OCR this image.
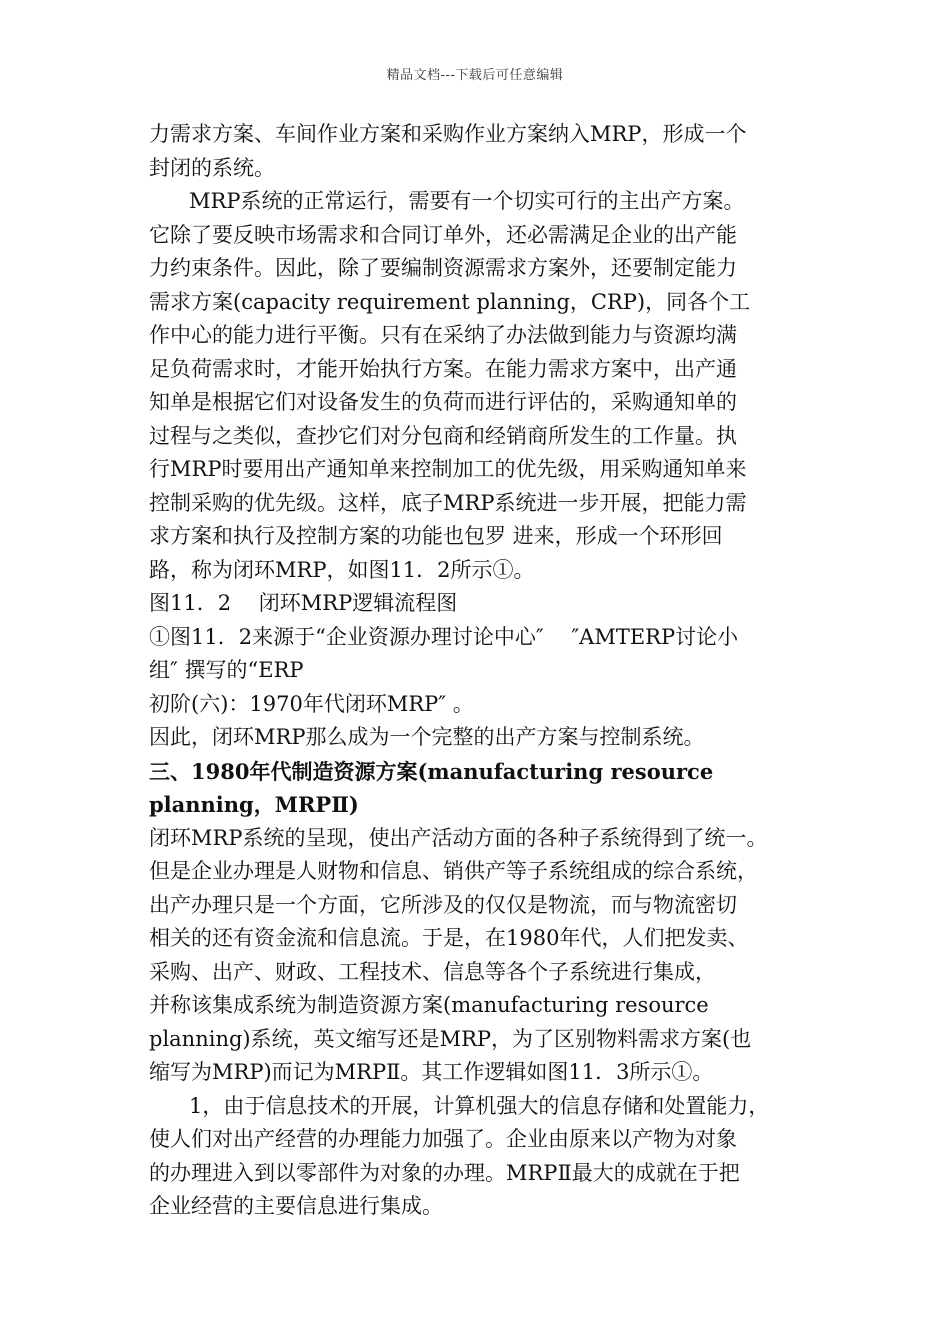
精品文档---下载后可任意编辑
力需求方案、车间作业方案和采购作业方案纳入MRP，形成一个
封闭的系统。
MRP系统的正常运行，需要有一个切实可行的主出产方案。
它除了要反映市场需求和合同订单外，还必需满足企业的出产能
力约束条件。因此，除了要编制资源需求方案外，还要制定能力
需求方案(capacity requirement planning，CRP)，同各个工
作中心的能力进行平衡。只有在采纳了办法做到能力与资源均满
足负荷需求时，才能开始执行方案。在能力需求方案中，出产通
知单是根据它们对设备发生的负荷而进行评估的，采购通知单的
过程与之类似，查抄它们对分包商和经销商所发生的工作量。执
行MRP时要用出产通知单来控制加工的优先级，用采购通知单来
控制采购的优先级。这样，底子MRP系统进一步开展，把能力需
求方案和执行及控制方案的功能也包罗 进来，形成一个环形回
路，称为闭环MRP，如图11．2所示①。
图11．2　 闭环MRP逻辑流程图
①图11．2来源于“企业资源办理讨论中心″　 ″AMTERP讨论小
组″ 撰写的“ERP
初阶(六)：1970年代闭环MRP″ 。
因此，闭环MRP那么成为一个完整的出产方案与控制系统。
三、1980年代制造资源方案(manufacturing resource
planning，MRPⅡ)
闭环MRP系统的呈现，使出产活动方面的各种子系统得到了统一。
但是企业办理是人财物和信息、销供产等子系统组成的综合系统，
出产办理只是一个方面，它所涉及的仅仅是物流，而与物流密切
相关的还有资金流和信息流。于是，在1980年代，人们把发卖、
采购、出产、财政、工程技术、信息等各个子系统进行集成，
并称该集成系统为制造资源方案(manufacturing resource
planning)系统，英文缩写还是MRP，为了区别物料需求方案(也
缩写为MRP)而记为MRPⅡ。其工作逻辑如图11．3所示①。
1，由于信息技术的开展，计算机强大的信息存储和处置能力，
使人们对出产经营的办理能力加强了。企业由原来以产物为对象
的办理进入到以零部件为对象的办理。MRPⅡ最大的成就在于把
企业经营的主要信息进行集成。
